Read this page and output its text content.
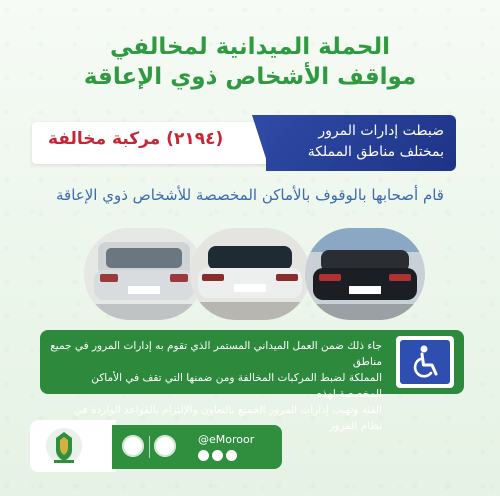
الحملة الميدانية لمخالفي
مواقف الأشخاص ذوي الإعاقة
ضبطت إدارات المرور
بمختلف مناطق المملكة
(٢١٩٤) مركبة مخالفة
قام أصحابها بالوقوف بالأماكن المخصصة للأشخاص ذوي الإعاقة
جاء ذلك ضمن العمل الميداني المستمر الذي تقوم به إدارات المرور في جميع مناطق
المملكة لضبط المركبات المخالفة ومن ضمنها التي تقف في الأماكن المخصصة لهذه
الفئة وتهيب إدارات المرور الجميع بالتعاون والإلتزام بالقواعد الواردة في نظام المرور
@eMoroor
